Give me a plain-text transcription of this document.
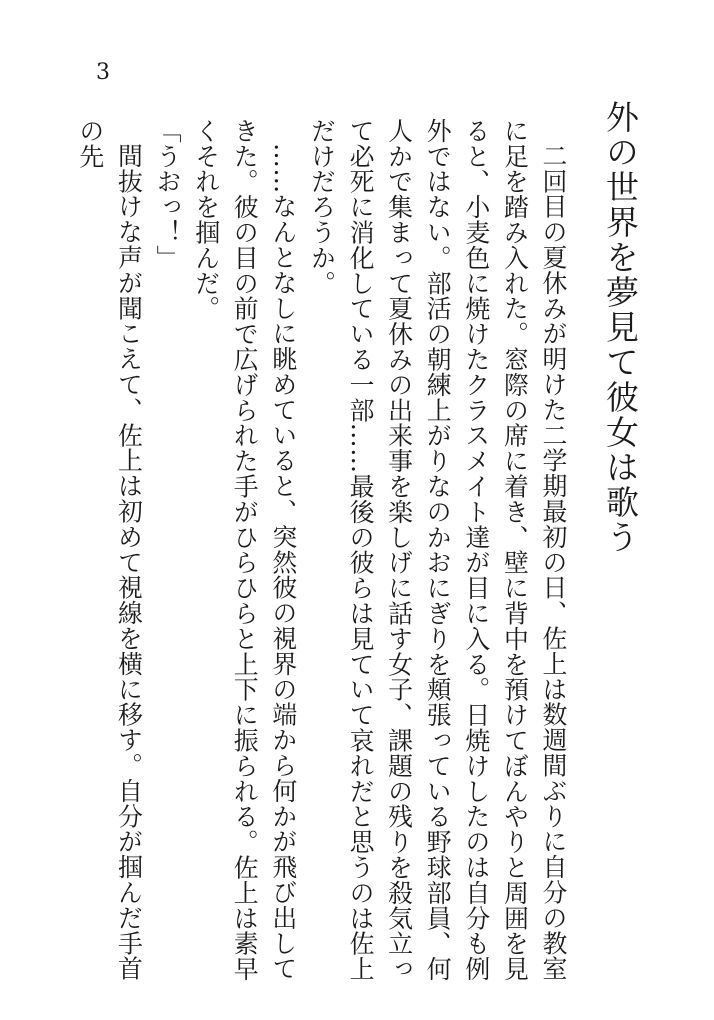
3
外の世界を夢見て彼女は歌う

二回目の夏休みが明けた二学期最初の日、佐上は数週間ぶりに自分の教室に足を踏み入れた。窓際の席に着き、壁に背中を預けてぼんやりと周囲を見ると、小麦色に焼けたクラスメイト達が目に入る。日焼けしたのは自分も例外ではない。部活の朝練上がりなのかおにぎりを頬張っている野球部員、何人かで集まって夏休みの出来事を楽しげに話す女子、課題の残りを殺気立って必死に消化している一部……最後の彼らは見ていて哀れだと思うのは佐上だけだろうか。

……なんとなしに眺めていると、突然彼の視界の端から何かが飛び出してきた。彼の目の前で広げられた手がひらひらと上下に振られる。佐上は素早くそれを掴んだ。

「うおっ！」

間抜けな声が聞こえて、佐上は初めて視線を横に移す。自分が掴んだ手首の先
